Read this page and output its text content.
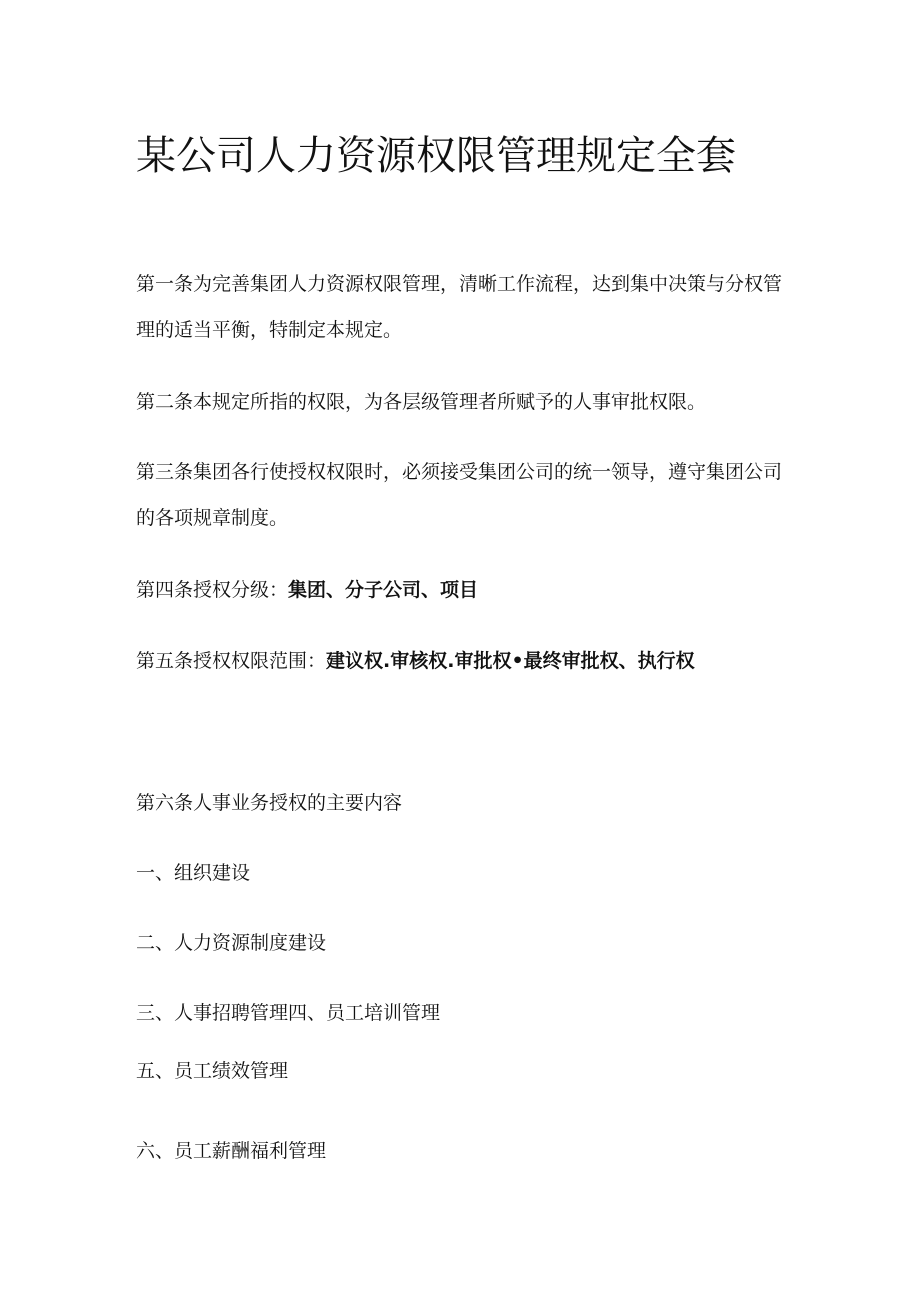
某公司人力资源权限管理规定全套

第一条为完善集团人力资源权限管理，清晰工作流程，达到集中决策与分权管理的适当平衡，特制定本规定。

第二条本规定所指的权限，为各层级管理者所赋予的人事审批权限。

第三条集团各行使授权权限时，必须接受集团公司的统一领导，遵守集团公司的各项规章制度。

第四条授权分级：集团、分子公司、项目

第五条授权权限范围：建议权.审核权.审批权•最终审批权、执行权

第六条人事业务授权的主要内容

一、组织建设

二、人力资源制度建设

三、人事招聘管理四、员工培训管理

五、员工绩效管理

六、员工薪酬福利管理
